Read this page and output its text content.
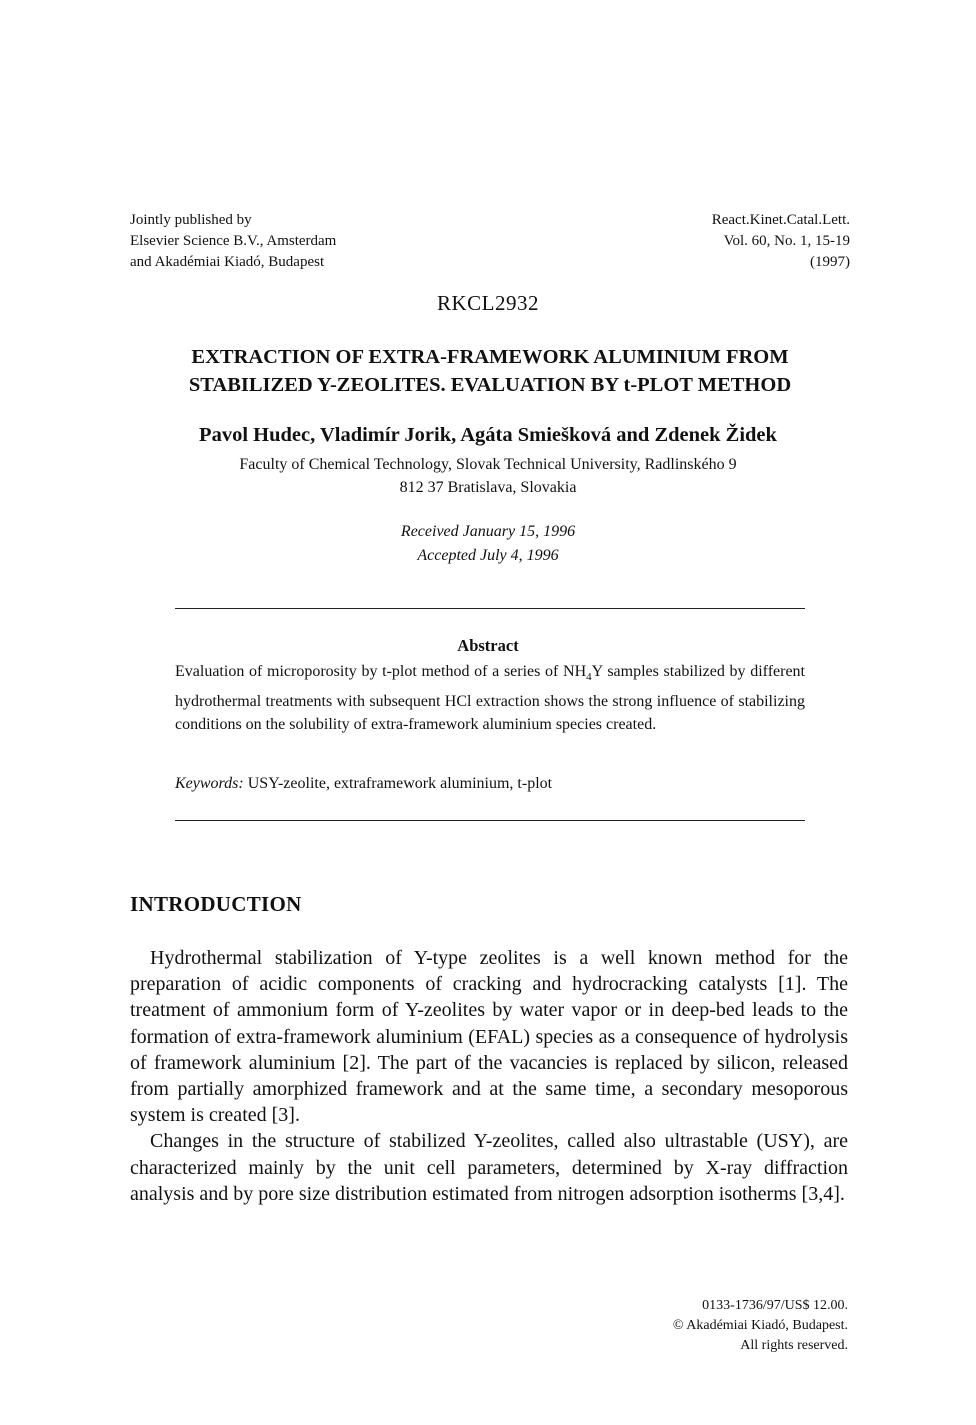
Jointly published by
Elsevier Science B.V., Amsterdam
and Akadémiai Kiadó, Budapest
React.Kinet.Catal.Lett.
Vol. 60, No. 1, 15-19
(1997)
RKCL2932
EXTRACTION OF EXTRA-FRAMEWORK ALUMINIUM FROM
STABILIZED Y-ZEOLITES. EVALUATION BY t-PLOT METHOD
Pavol Hudec, Vladimír Jorik, Agáta Smiešková and Zdenek Židek
Faculty of Chemical Technology, Slovak Technical University, Radlinského 9
812 37 Bratislava, Slovakia
Received January 15, 1996
Accepted July 4, 1996
Abstract
Evaluation of microporosity by t-plot method of a series of $NH_4Y$ samples stabilized by different hydrothermal treatments with subsequent HCl extraction shows the strong influence of stabilizing conditions on the solubility of extra-framework aluminium species created.
Keywords: USY-zeolite, extraframework aluminium, t-plot
INTRODUCTION

Hydrothermal stabilization of Y-type zeolites is a well known method for the preparation of acidic components of cracking and hydrocracking catalysts [1]. The treatment of ammonium form of Y-zeolites by water vapor or in deep-bed leads to the formation of extra-framework aluminium (EFAL) species as a consequence of hydrolysis of framework aluminium [2]. The part of the vacancies is replaced by silicon, released from partially amorphized framework and at the same time, a secondary mesoporous system is created [3].

Changes in the structure of stabilized Y-zeolites, called also ultrastable (USY), are characterized mainly by the unit cell parameters, determined by X-ray diffraction analysis and by pore size distribution estimated from nitrogen adsorption isotherms [3,4].

0133-1736/97/US$ 12.00.
© Akadémiai Kiadó, Budapest.
All rights reserved.
